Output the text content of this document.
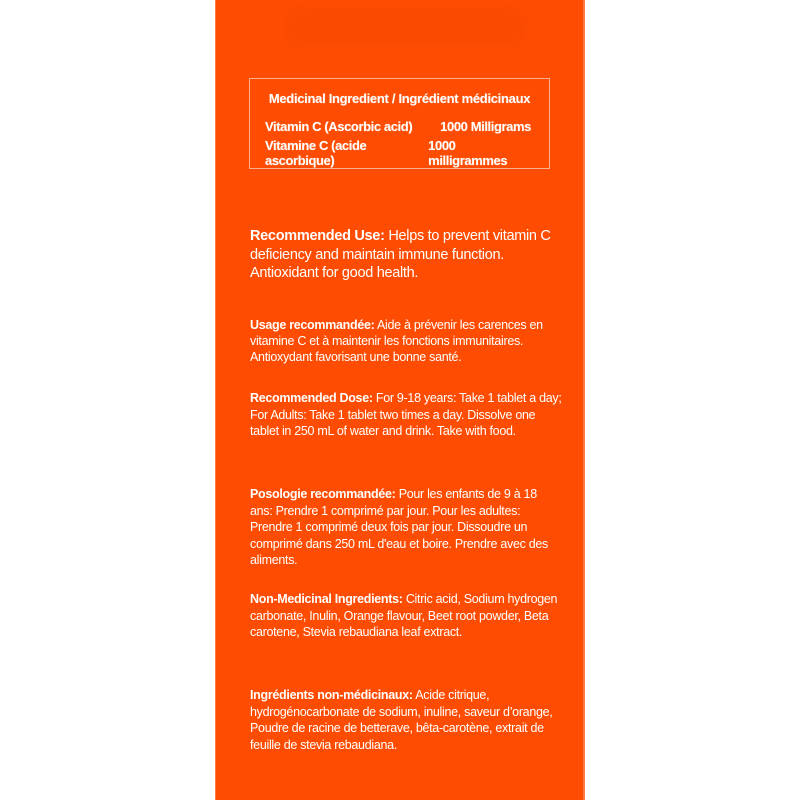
Medicinal Ingredient / Ingrédient médicinaux
Vitamin C (Ascorbic acid) 1000 Milligrams
Vitamine C (acide ascorbique)
1000 milligrammes
Recommended Use: Helps to prevent vitamin C deficiency and maintain immune function. Antioxidant for good health.
Usage recommandée: Aide à prévenir les carences en vitamine C et à maintenir les fonctions immunitaires. Antioxydant favorisant une bonne santé.
Recommended Dose: For 9-18 years: Take 1 tablet a day; For Adults: Take 1 tablet two times a day. Dissolve one tablet in 250 mL of water and drink. Take with food.
Posologie recommandée: Pour les enfants de 9 à 18 ans: Prendre 1 comprimé par jour. Pour les adultes: Prendre 1 comprimé deux fois par jour. Dissoudre un comprimé dans 250 mL d'eau et boire. Prendre avec des aliments.
Non-Medicinal Ingredients: Citric acid, Sodium hydrogen carbonate, Inulin, Orange flavour, Beet root powder, Beta carotene, Stevia rebaudiana leaf extract.
Ingrédients non-médicinaux: Acide citrique, hydrogénocarbonate de sodium, inuline, saveur d’orange, Poudre de racine de betterave, bêta-carotène, extrait de feuille de stevia rebaudiana.
